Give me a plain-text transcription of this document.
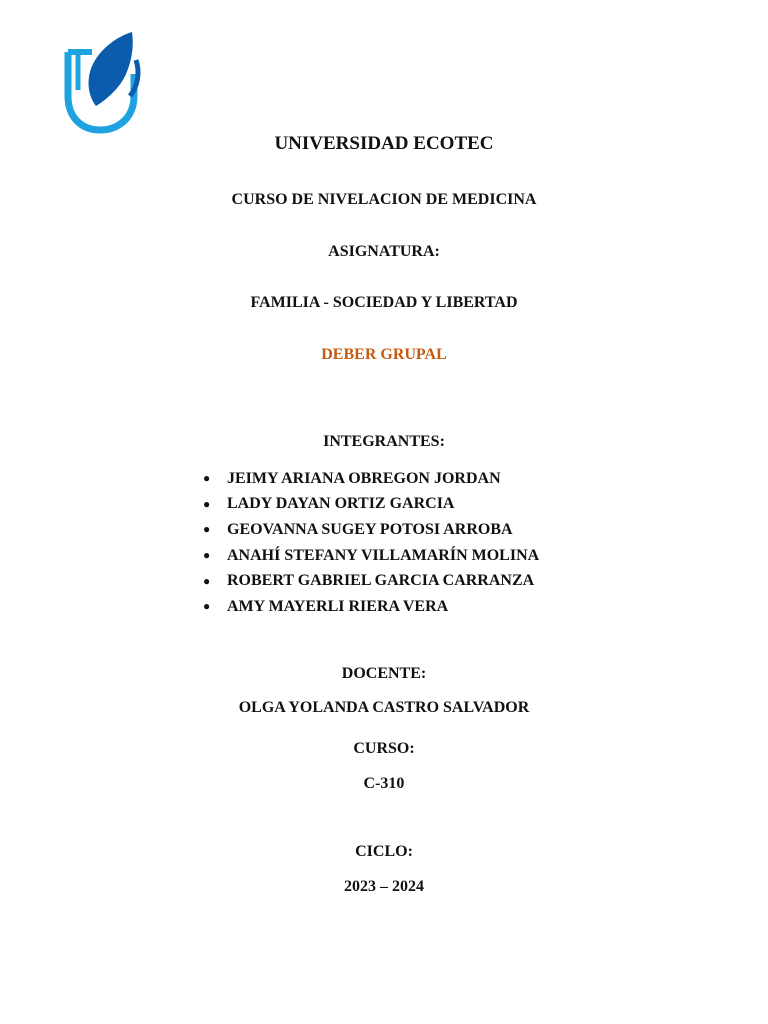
UNIVERSIDAD ECOTEC
CURSO DE NIVELACION DE MEDICINA
ASIGNATURA:
FAMILIA - SOCIEDAD Y LIBERTAD
DEBER GRUPAL
INTEGRANTES:
●	JEIMY ARIANA OBREGON JORDAN
●	LADY DAYAN ORTIZ GARCIA
●	GEOVANNA SUGEY POTOSI ARROBA
●	ANAHÍ STEFANY VILLAMARÍN MOLINA
●	ROBERT GABRIEL GARCIA CARRANZA
●	AMY MAYERLI RIERA VERA
DOCENTE:
OLGA YOLANDA CASTRO SALVADOR
CURSO:
C-310
CICLO:
2023 – 2024
